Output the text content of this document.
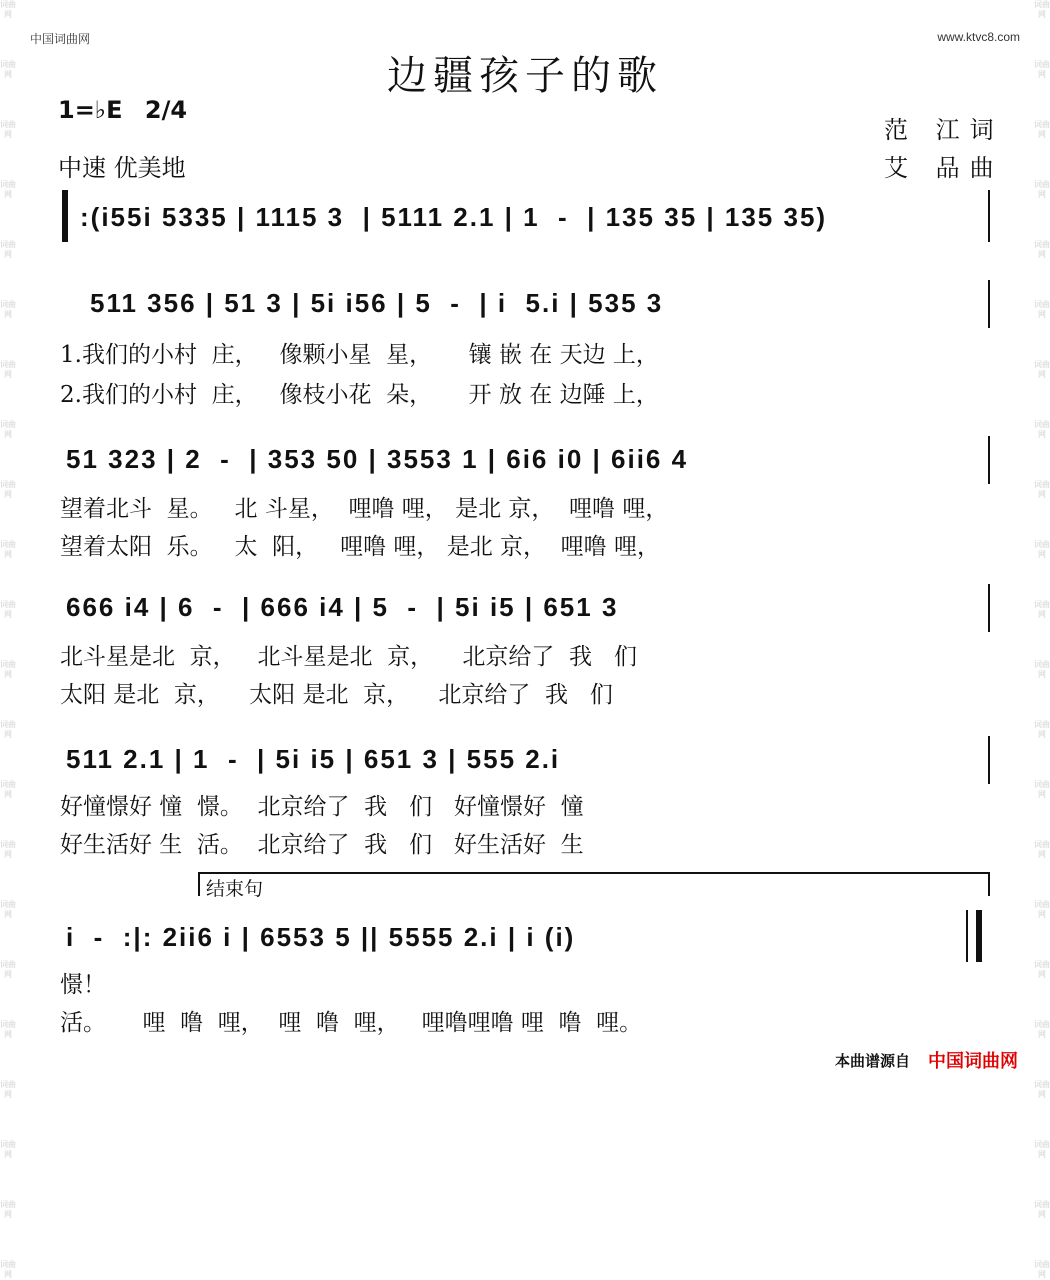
词曲网
词曲网
词曲网
词曲网
词曲网
词曲网
词曲网
词曲网
词曲网
词曲网
词曲网
词曲网
词曲网
词曲网
词曲网
词曲网
词曲网
词曲网
词曲网
词曲网
词曲网
词曲网
词曲网
词曲网
词曲网
词曲网
词曲网
词曲网
词曲网
词曲网
词曲网
词曲网
词曲网
词曲网
词曲网
词曲网
词曲网
词曲网
词曲网
词曲网
词曲网
词曲网
词曲网
词曲网
中国词曲网	www.ktvc8.com
边疆孩子的歌
1=♭E 2/4
中速 优美地
范 江词
艾 品曲
:(i55i 5335 | 1115 3  | 5111 2.1 | 1  -  | 135 35 | 135 35)
511 356 | 51 3 | 5i i56 | 5  -  | i  5.i | 535 3
1.我们的小村  庄，   像颗小星  星，     镶 嵌 在 天边 上，
2.我们的小村  庄，   像枝小花  朵，     开 放 在 边陲 上，
51 323 | 2  -  | 353 50 | 3553 1 | 6i6 i0 | 6ii6 4
望着北斗  星。   北 斗星，  哩噜 哩， 是北 京，  哩噜 哩，
望着太阳  乐。   太  阳，   哩噜 哩， 是北 京，  哩噜 哩，
666 i4 | 6  -  | 666 i4 | 5  -  | 5i i5 | 651 3
北斗星是北  京，   北斗星是北  京，    北京给了  我   们
太阳 是北  京，    太阳 是北  京，    北京给了  我   们
511 2.1 | 1  -  | 5i i5 | 651 3 | 555 2.i
好憧憬好 憧  憬。  北京给了  我   们   好憧憬好  憧
好生活好 生  活。  北京给了  我   们   好生活好  生
结束句
i  -  :|: 2ii6 i | 6553 5 || 5555 2.i | i (i)
憬！
活。     哩  噜  哩，  哩  噜  哩，   哩噜哩噜 哩  噜  哩。
本曲谱源自 中国词曲网
